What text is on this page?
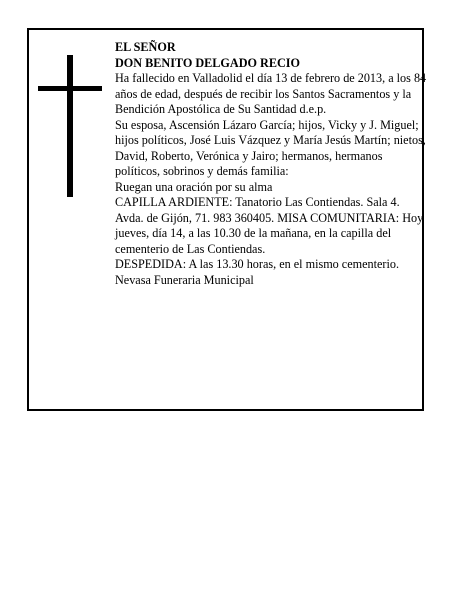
EL SEÑOR

DON BENITO DELGADO RECIO

Ha fallecido en Valladolid el día 13 de febrero de 2013, a los 84 años de edad, después de recibir los Santos Sacramentos y la Bendición Apostólica de Su Santidad d.e.p.

Su esposa, Ascensión Lázaro García; hijos, Vicky y J. Miguel; hijos políticos, José Luis Vázquez y María Jesús Martín; nietos, David, Roberto, Verónica y Jairo; hermanos, hermanos políticos, sobrinos y demás familia:

Ruegan una oración por su alma

CAPILLA ARDIENTE: Tanatorio Las Contiendas. Sala 4. Avda. de Gijón, 71. 983 360405. MISA COMUNITARIA: Hoy jueves, día 14, a las 10.30 de la mañana, en la capilla del cementerio de Las Contiendas.

DESPEDIDA: A las 13.30 horas, en el mismo cementerio.

Nevasa Funeraria Municipal
